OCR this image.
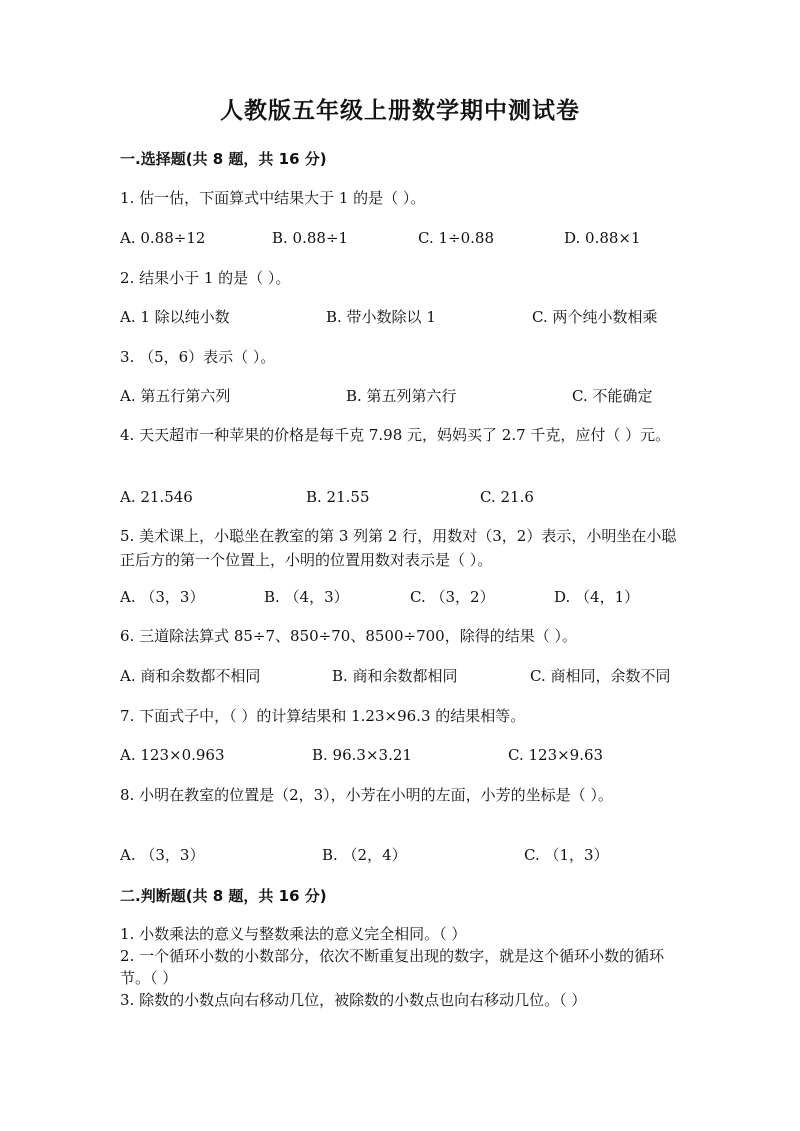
人教版五年级上册数学期中测试卷
一.选择题(共 8 题，共 16 分)
1. 估一估，下面算式中结果大于 1 的是（ ）。
A. 0.88÷12	B. 0.88÷1	C. 1÷0.88	D. 0.88×1
2. 结果小于 1 的是（ ）。
A. 1 除以纯小数	B. 带小数除以 1	C. 两个纯小数相乘
3. （5，6）表示（ ）。
A. 第五行第六列	B. 第五列第六行	C. 不能确定
4. 天天超市一种苹果的价格是每千克 7.98 元，妈妈买了 2.7 千克，应付（ ）元。
A. 21.546	B. 21.55	C. 21.6
5. 美术课上，小聪坐在教室的第 3 列第 2 行，用数对（3，2）表示，小明坐在小聪正后方的第一个位置上，小明的位置用数对表示是（ ）。
A. （3，3）	B. （4，3）	C. （3，2）	D. （4，1）
6. 三道除法算式 85÷7、850÷70、8500÷700，除得的结果（ ）。
A. 商和余数都不相同	B. 商和余数都相同	C. 商相同，余数不同
7. 下面式子中，（ ）的计算结果和 1.23×96.3 的结果相等。
A. 123×0.963	B. 96.3×3.21	C. 123×9.63
8. 小明在教室的位置是（2，3），小芳在小明的左面，小芳的坐标是（ ）。
A. （3，3）	B. （2，4）	C. （1，3）
二.判断题(共 8 题，共 16 分)
1. 小数乘法的意义与整数乘法的意义完全相同。（ ）
2. 一个循环小数的小数部分，依次不断重复出现的数字，就是这个循环小数的循环节。（ ）
3. 除数的小数点向右移动几位，被除数的小数点也向右移动几位。（ ）
